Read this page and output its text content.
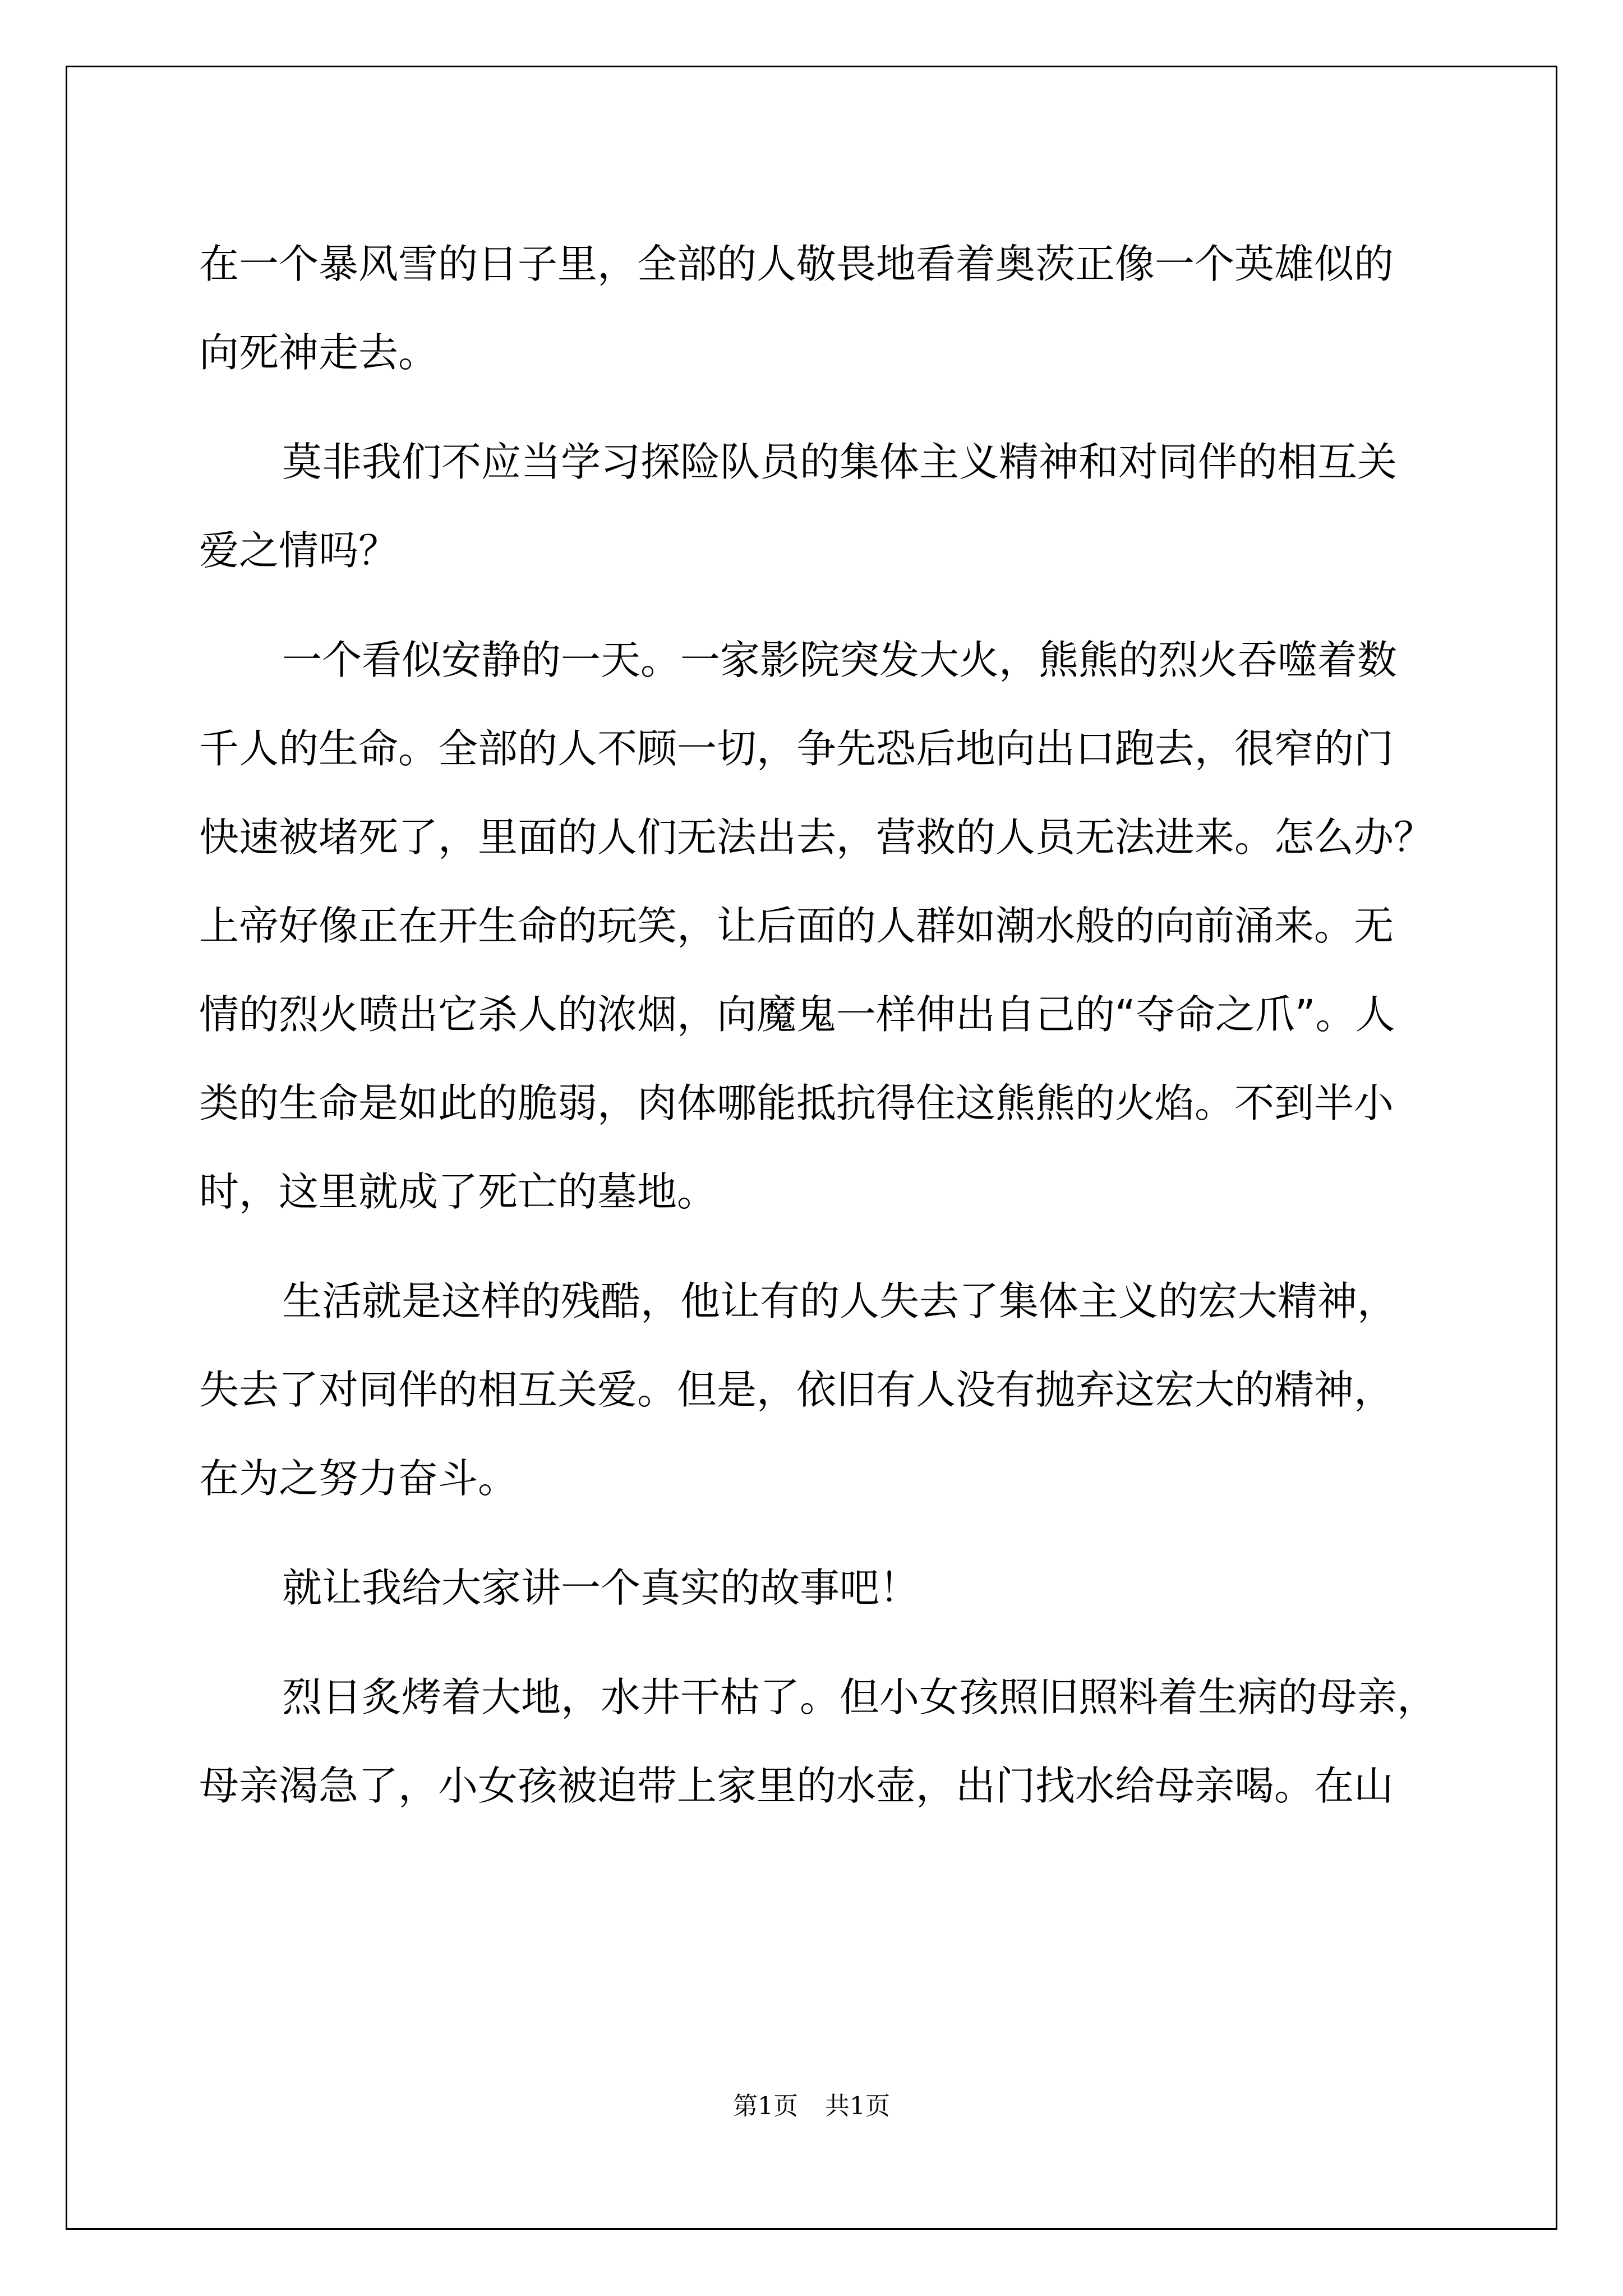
在一个暴风雪的日子里，全部的人敬畏地看着奥茨正像一个英雄似的
向死神走去。
莫非我们不应当学习探险队员的集体主义精神和对同伴的相互关
爱之情吗？
一个看似安静的一天。一家影院突发大火，熊熊的烈火吞噬着数
千人的生命。全部的人不顾一切，争先恐后地向出口跑去，很窄的门
快速被堵死了，里面的人们无法出去，营救的人员无法进来。怎么办？
上帝好像正在开生命的玩笑，让后面的人群如潮水般的向前涌来。无
情的烈火喷出它杀人的浓烟，向魔鬼一样伸出自己的“夺命之爪”。人
类的生命是如此的脆弱，肉体哪能抵抗得住这熊熊的火焰。不到半小
时，这里就成了死亡的墓地。
生活就是这样的残酷，他让有的人失去了集体主义的宏大精神，
失去了对同伴的相互关爱。但是，依旧有人没有抛弃这宏大的精神，
在为之努力奋斗。
就让我给大家讲一个真实的故事吧！
烈日炙烤着大地，水井干枯了。但小女孩照旧照料着生病的母亲，
母亲渴急了，小女孩被迫带上家里的水壶，出门找水给母亲喝。在山
第1页 共1页
